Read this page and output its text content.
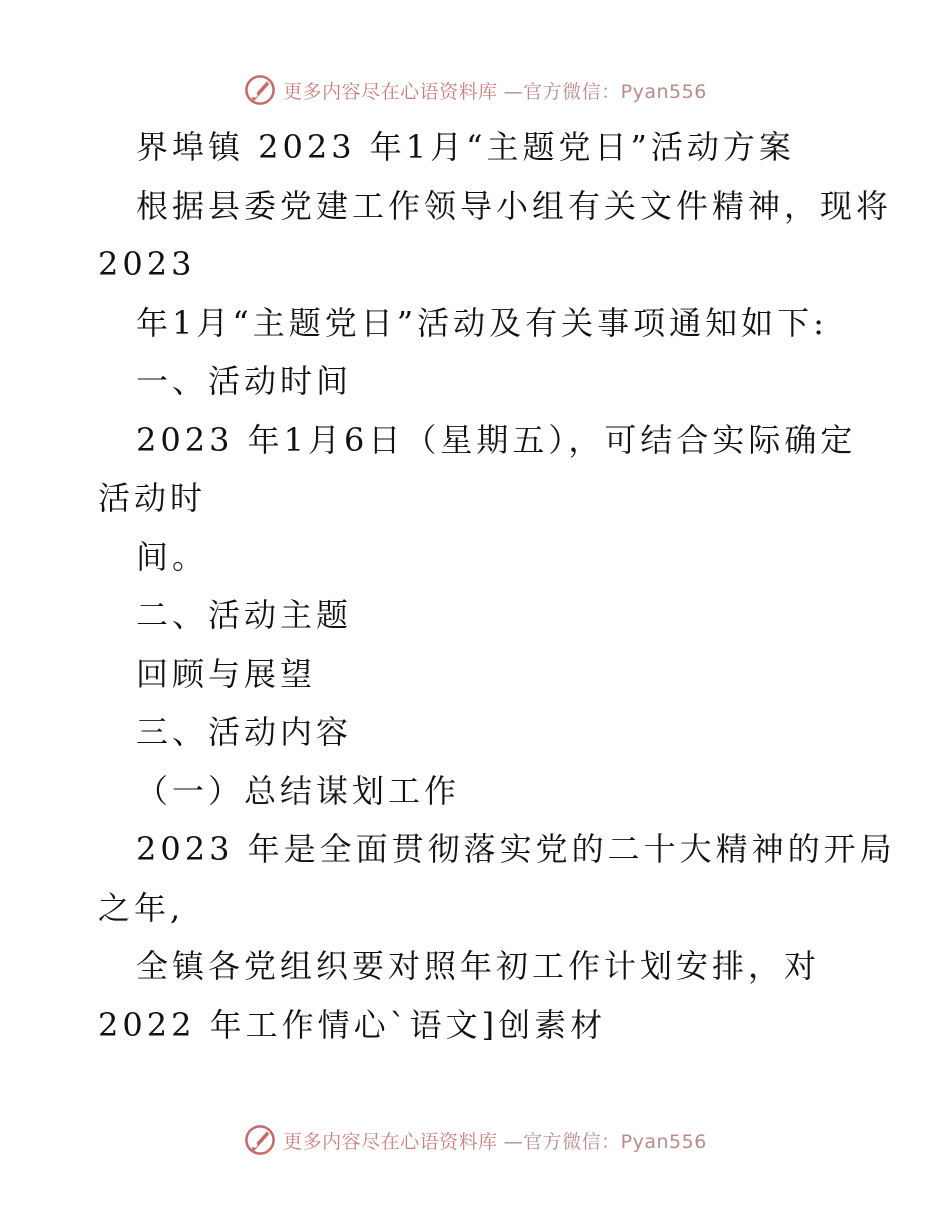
更多内容尽在心语资料库 —官方微信：Pyan556
界埠镇 2023 年1月“主题党日”活动方案
根据县委党建工作领导小组有关文件精神，现将
2023
年1月“主题党日”活动及有关事项通知如下:
一、活动时间
2023 年1月6日（星期五），可结合实际确定
活动时
间。
二、活动主题
回顾与展望
三、活动内容
（一）总结谋划工作
2023 年是全面贯彻落实党的二十大精神的开局
之年,
全镇各党组织要对照年初工作计划安排，对
2022 年工作情心`语文]创素材
更多内容尽在心语资料库 —官方微信：Pyan556
